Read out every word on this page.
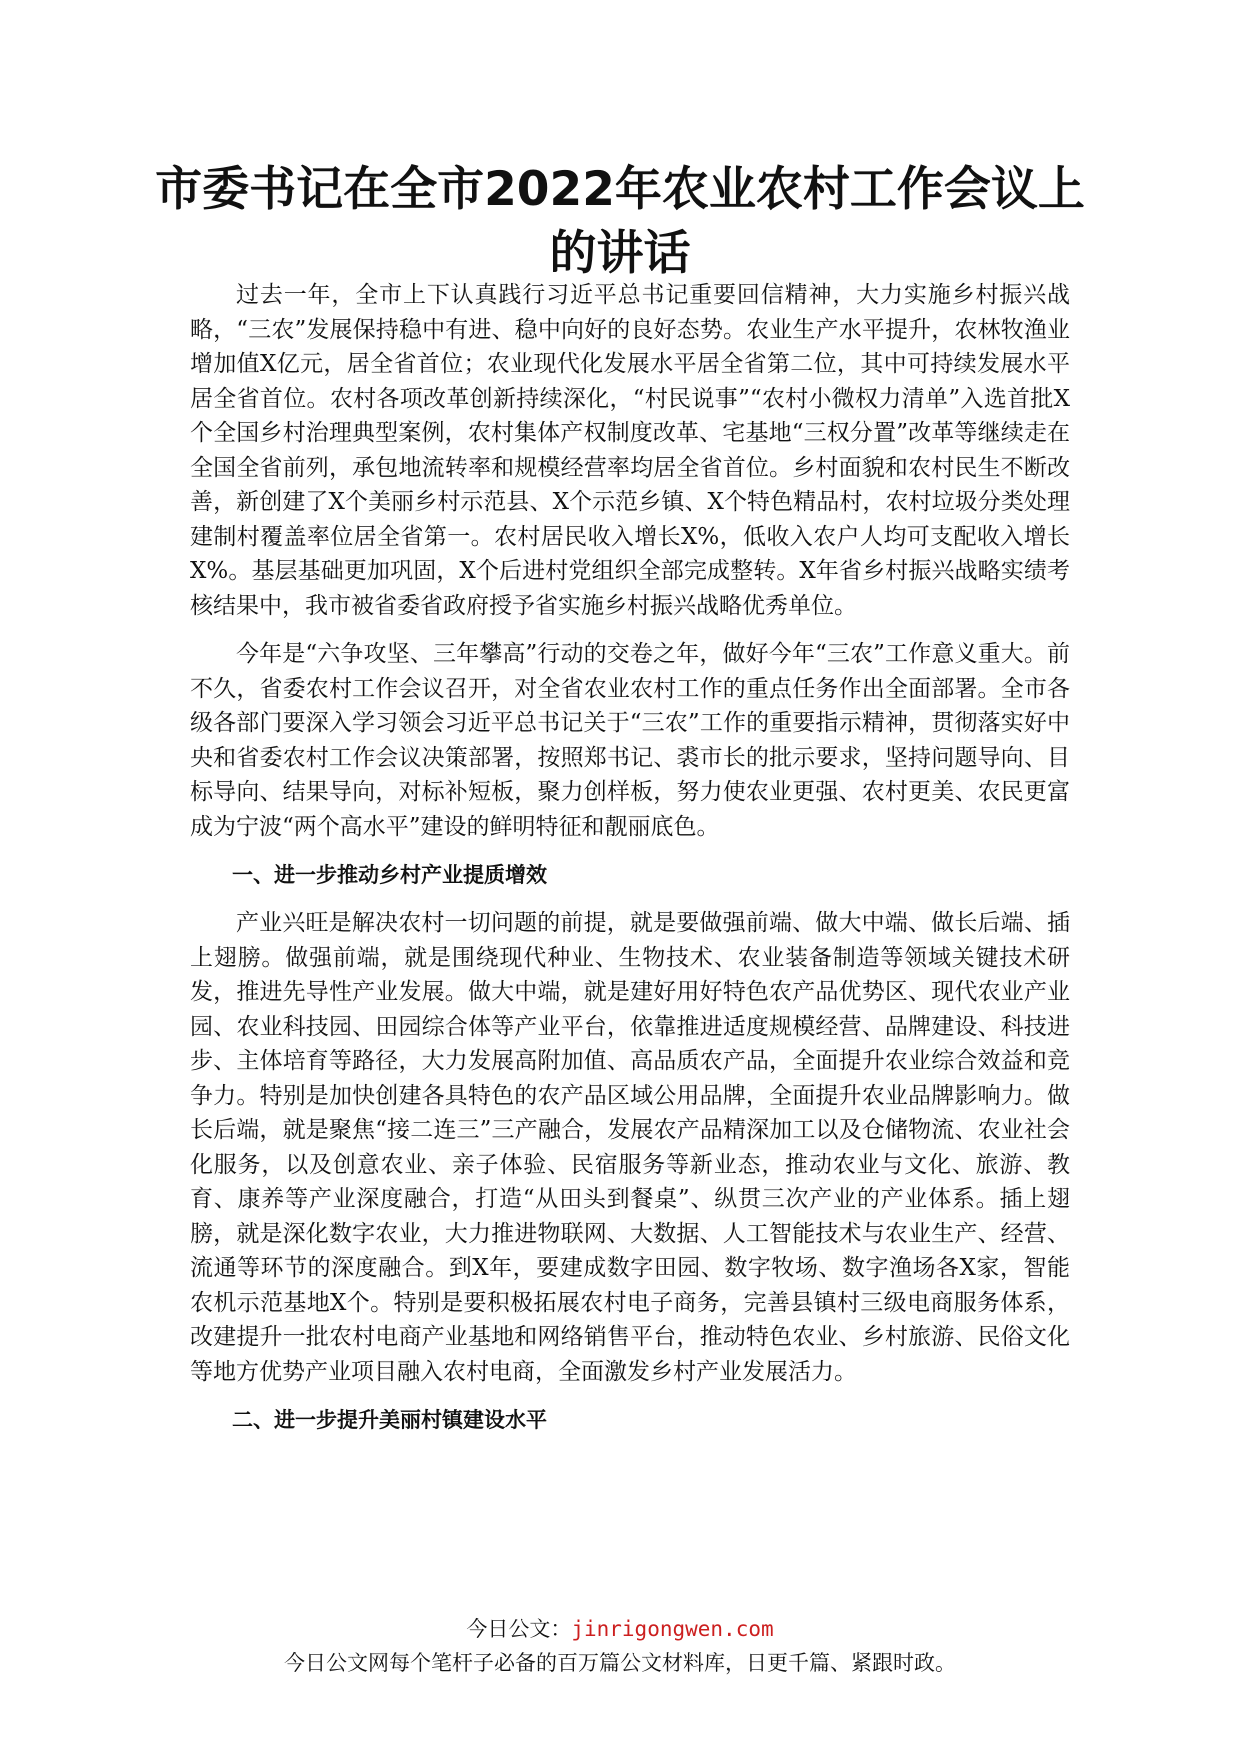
市委书记在全市2022年农业农村工作会议上的讲话

过去一年，全市上下认真践行习近平总书记重要回信精神，大力实施乡村振兴战略，“三农”发展保持稳中有进、稳中向好的良好态势。农业生产水平提升，农林牧渔业增加值X亿元，居全省首位；农业现代化发展水平居全省第二位，其中可持续发展水平居全省首位。农村各项改革创新持续深化，“村民说事”“农村小微权力清单”入选首批X个全国乡村治理典型案例，农村集体产权制度改革、宅基地“三权分置”改革等继续走在全国全省前列，承包地流转率和规模经营率均居全省首位。乡村面貌和农村民生不断改善，新创建了X个美丽乡村示范县、X个示范乡镇、X个特色精品村，农村垃圾分类处理建制村覆盖率位居全省第一。农村居民收入增长X%，低收入农户人均可支配收入增长X%。基层基础更加巩固，X个后进村党组织全部完成整转。X年省乡村振兴战略实绩考核结果中，我市被省委省政府授予省实施乡村振兴战略优秀单位。

今年是“六争攻坚、三年攀高”行动的交卷之年，做好今年“三农”工作意义重大。前不久，省委农村工作会议召开，对全省农业农村工作的重点任务作出全面部署。全市各级各部门要深入学习领会习近平总书记关于“三农”工作的重要指示精神，贯彻落实好中央和省委农村工作会议决策部署，按照郑书记、裘市长的批示要求，坚持问题导向、目标导向、结果导向，对标补短板，聚力创样板，努力使农业更强、农村更美、农民更富成为宁波“两个高水平”建设的鲜明特征和靓丽底色。

一、进一步推动乡村产业提质增效

产业兴旺是解决农村一切问题的前提，就是要做强前端、做大中端、做长后端、插上翅膀。做强前端，就是围绕现代种业、生物技术、农业装备制造等领域关键技术研发，推进先导性产业发展。做大中端，就是建好用好特色农产品优势区、现代农业产业园、农业科技园、田园综合体等产业平台，依靠推进适度规模经营、品牌建设、科技进步、主体培育等路径，大力发展高附加值、高品质农产品，全面提升农业综合效益和竞争力。特别是加快创建各具特色的农产品区域公用品牌，全面提升农业品牌影响力。做长后端，就是聚焦“接二连三”三产融合，发展农产品精深加工以及仓储物流、农业社会化服务，以及创意农业、亲子体验、民宿服务等新业态，推动农业与文化、旅游、教育、康养等产业深度融合，打造“从田头到餐桌”、纵贯三次产业的产业体系。插上翅膀，就是深化数字农业，大力推进物联网、大数据、人工智能技术与农业生产、经营、流通等环节的深度融合。到X年，要建成数字田园、数字牧场、数字渔场各X家，智能农机示范基地X个。特别是要积极拓展农村电子商务，完善县镇村三级电商服务体系，改建提升一批农村电商产业基地和网络销售平台，推动特色农业、乡村旅游、民俗文化等地方优势产业项目融入农村电商，全面激发乡村产业发展活力。

二、进一步提升美丽村镇建设水平
今日公文：jinrigongwen.com
今日公文网每个笔杆子必备的百万篇公文材料库，日更千篇、紧跟时政。
